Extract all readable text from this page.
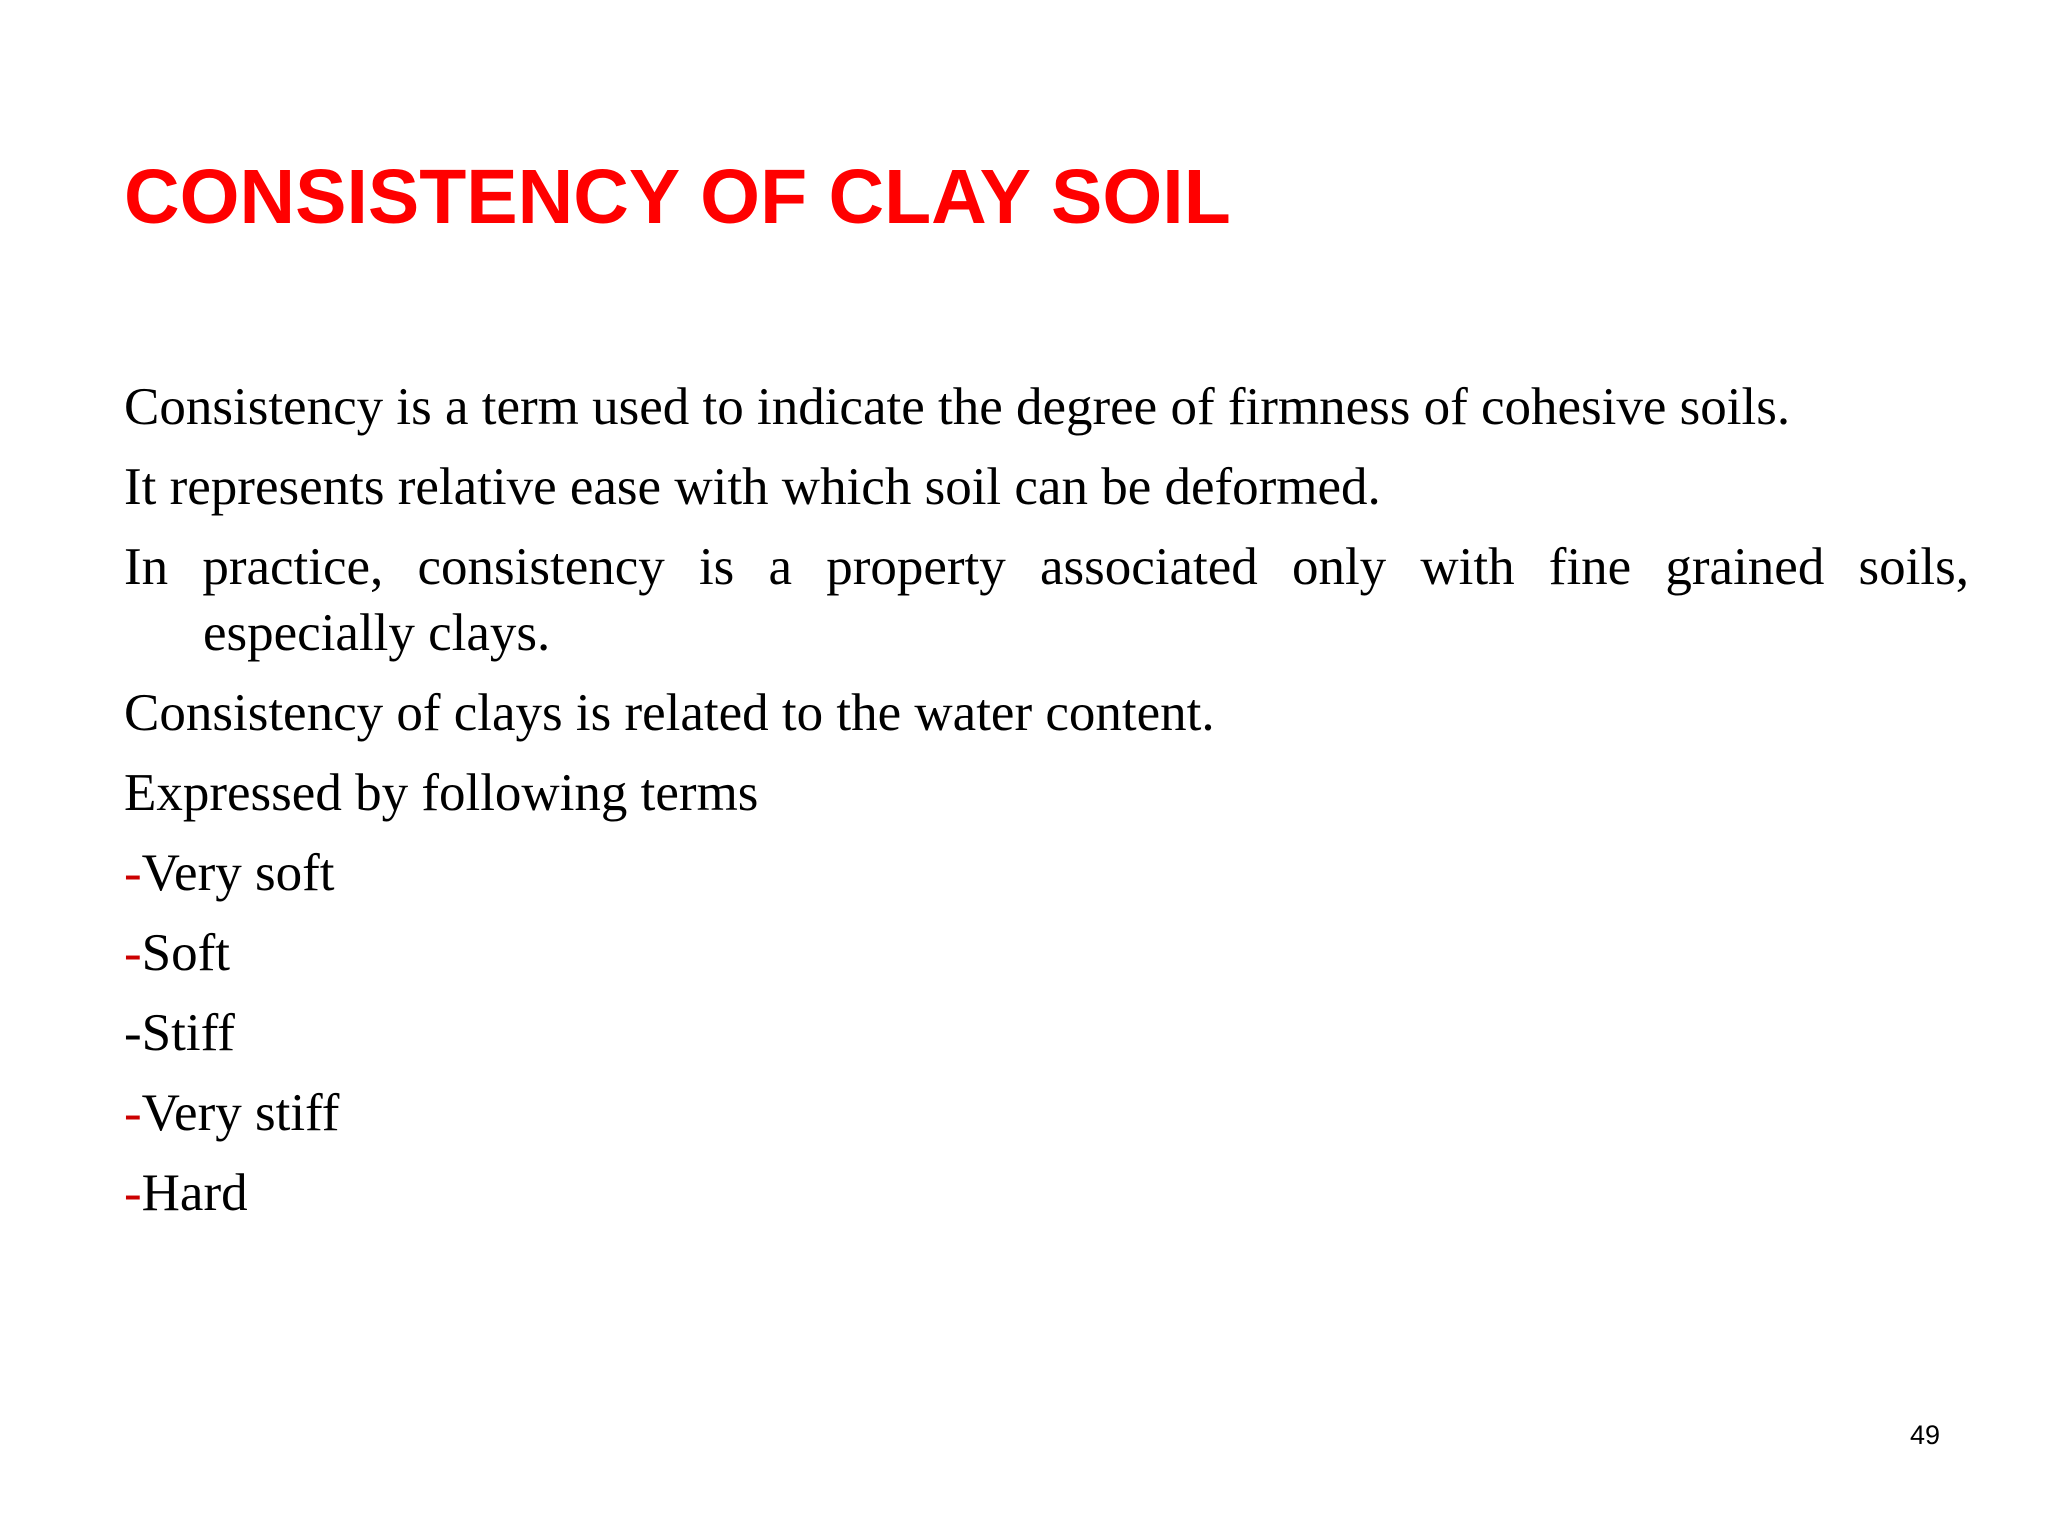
CONSISTENCY OF CLAY SOIL
Consistency is a term used to indicate the degree of firmness of cohesive soils.
It represents relative ease with which soil can be deformed.
In practice, consistency is a property associated only with fine grained soils,
especially clays.
Consistency of clays is related to the water content.
Expressed by following terms
-Very soft
-Soft
-Stiff
-Very stiff
-Hard
49
